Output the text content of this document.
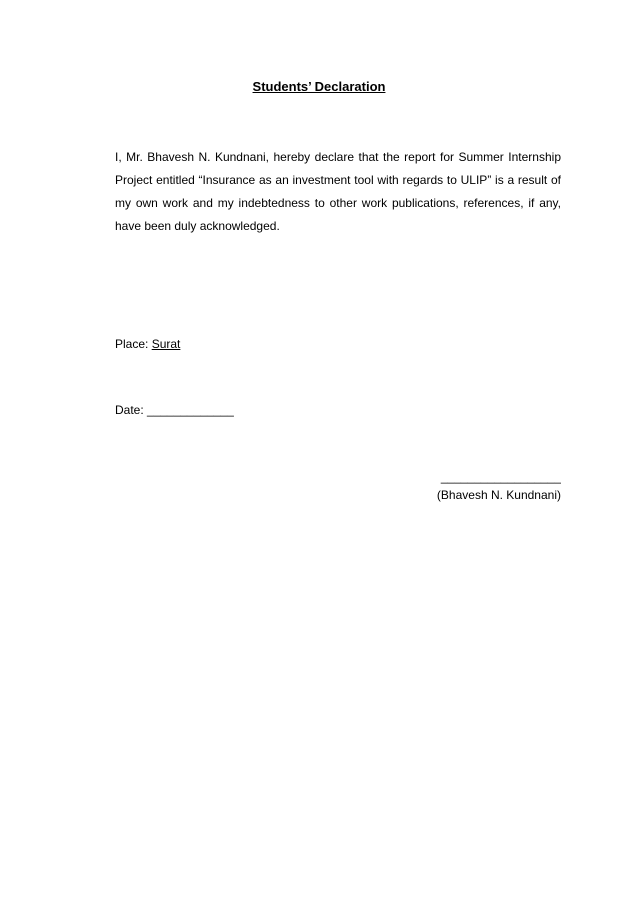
Students’ Declaration

I, Mr. Bhavesh N. Kundnani, hereby declare that the report for Summer Internship Project entitled “Insurance as an investment tool with regards to ULIP” is a result of my own work and my indebtedness to other work publications, references, if any, have been duly acknowledged.

Place: Surat
Date: _____________
__________________
(Bhavesh N. Kundnani)
